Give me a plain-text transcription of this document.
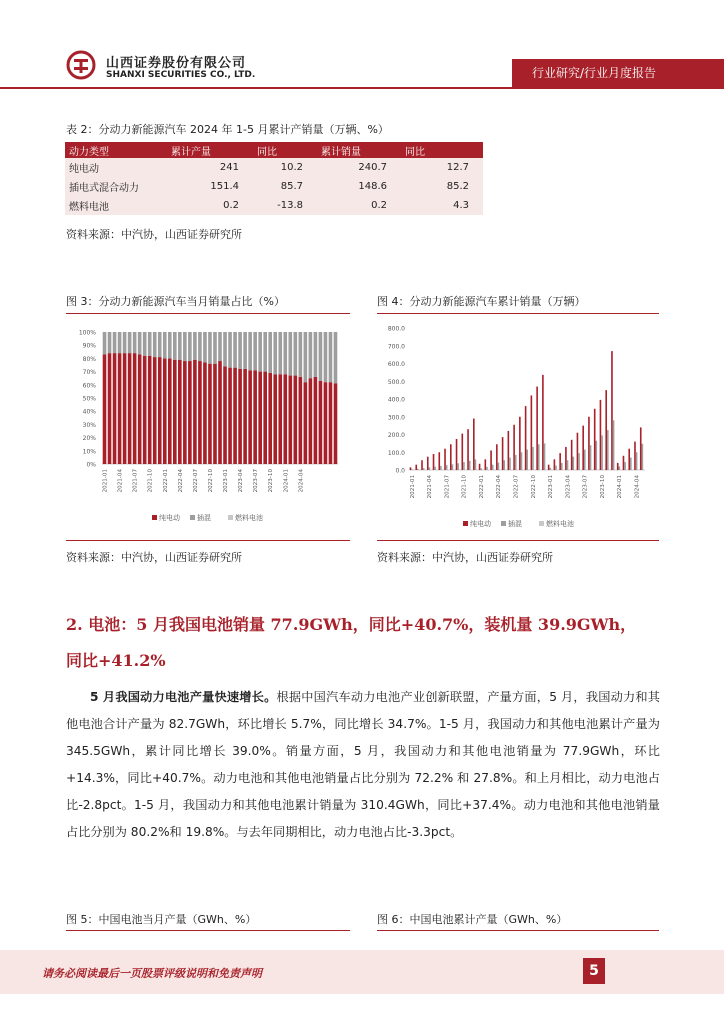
山西证券股份有限公司
SHANXI SECURITIES CO., LTD.	行业研究/行业月度报告
表 2：分动力新能源汽车 2024 年 1-5 月累计产销量（万辆、%）
动力类型	累计产量	同比	累计销量	同比
纯电动	241	10.2	240.7	12.7
插电式混合动力	151.4	85.7	148.6	85.2
燃料电池	0.2	-13.8	0.2	4.3
资料来源：中汽协，山西证券研究所
图 3：分动力新能源汽车当月销量占比（%）	图 4：分动力新能源汽车累计销量（万辆）
0%
10%
20%
30%
40%
50%
60%
70%
80%
90%
100%
2021-01 2021-04 2021-07 2021-10 2022-01 2022-04 2022-07 2022-10 2023-01 2023-04 2023-07 2023-10 2024-01 2024-04
纯电动 插混	燃料电池
0.0
100.0
200.0
300.0
400.0
500.0
600.0
700.0
800.0
2021-01 2021-04 2021-07 2021-10 2022-01 2022-04 2022-07 2022-10 2023-01 2023-04 2023-07 2023-10 2024-01 2024-04
纯电动 插混	燃料电池
资料来源：中汽协，山西证券研究所	资料来源：中汽协，山西证券研究所
2. 电池：5 月我国电池销量 77.9GWh，同比+40.7%，装机量 39.9GWh，
同比+41.2%
5 月我国动力电池产量快速增长。根据中国汽车动力电池产业创新联盟，产量方面，5 月，我国动力和其他电池合计产量为 82.7GWh，环比增长 5.7%，同比增长 34.7%。1-5 月，我国动力和其他电池累计产量为 345.5GWh，累计同比增长 39.0%。销量方面，5 月，我国动力和其他电池销量为 77.9GWh，环比+14.3%，同比+40.7%。动力电池和其他电池销量占比分别为 72.2% 和 27.8%。和上月相比，动力电池占比-2.8pct。1-5 月，我国动力和其他电池累计销量为 310.4GWh，同比+37.4%。动力电池和其他电池销量占比分别为 80.2%和 19.8%。与去年同期相比，动力电池占比-3.3pct。
图 5：中国电池当月产量（GWh、%）	图 6：中国电池累计产量（GWh、%）
请务必阅读最后一页股票评级说明和免责声明	5
